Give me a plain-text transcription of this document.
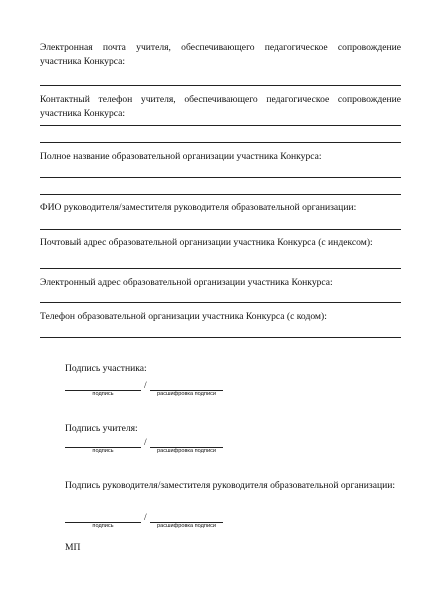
Электронная почта учителя, обеспечивающего педагогическое сопровождение участника Конкурса:
Контактный телефон учителя, обеспечивающего педагогическое сопровождение участника Конкурса:
Полное название образовательной организации участника Конкурса:
ФИО руководителя/заместителя руководителя образовательной организации:
Почтовый адрес образовательной организации участника Конкурса (с индексом):
Электронный адрес образовательной организации участника Конкурса:
Телефон образовательной организации участника Конкурса (с кодом):
Подпись участника:
/
подпись	расшифровка подписи
Подпись учителя:
/
подпись	расшифровка подписи
Подпись руководителя/заместителя руководителя образовательной организации:
/
подпись	расшифровка подписи
МП
